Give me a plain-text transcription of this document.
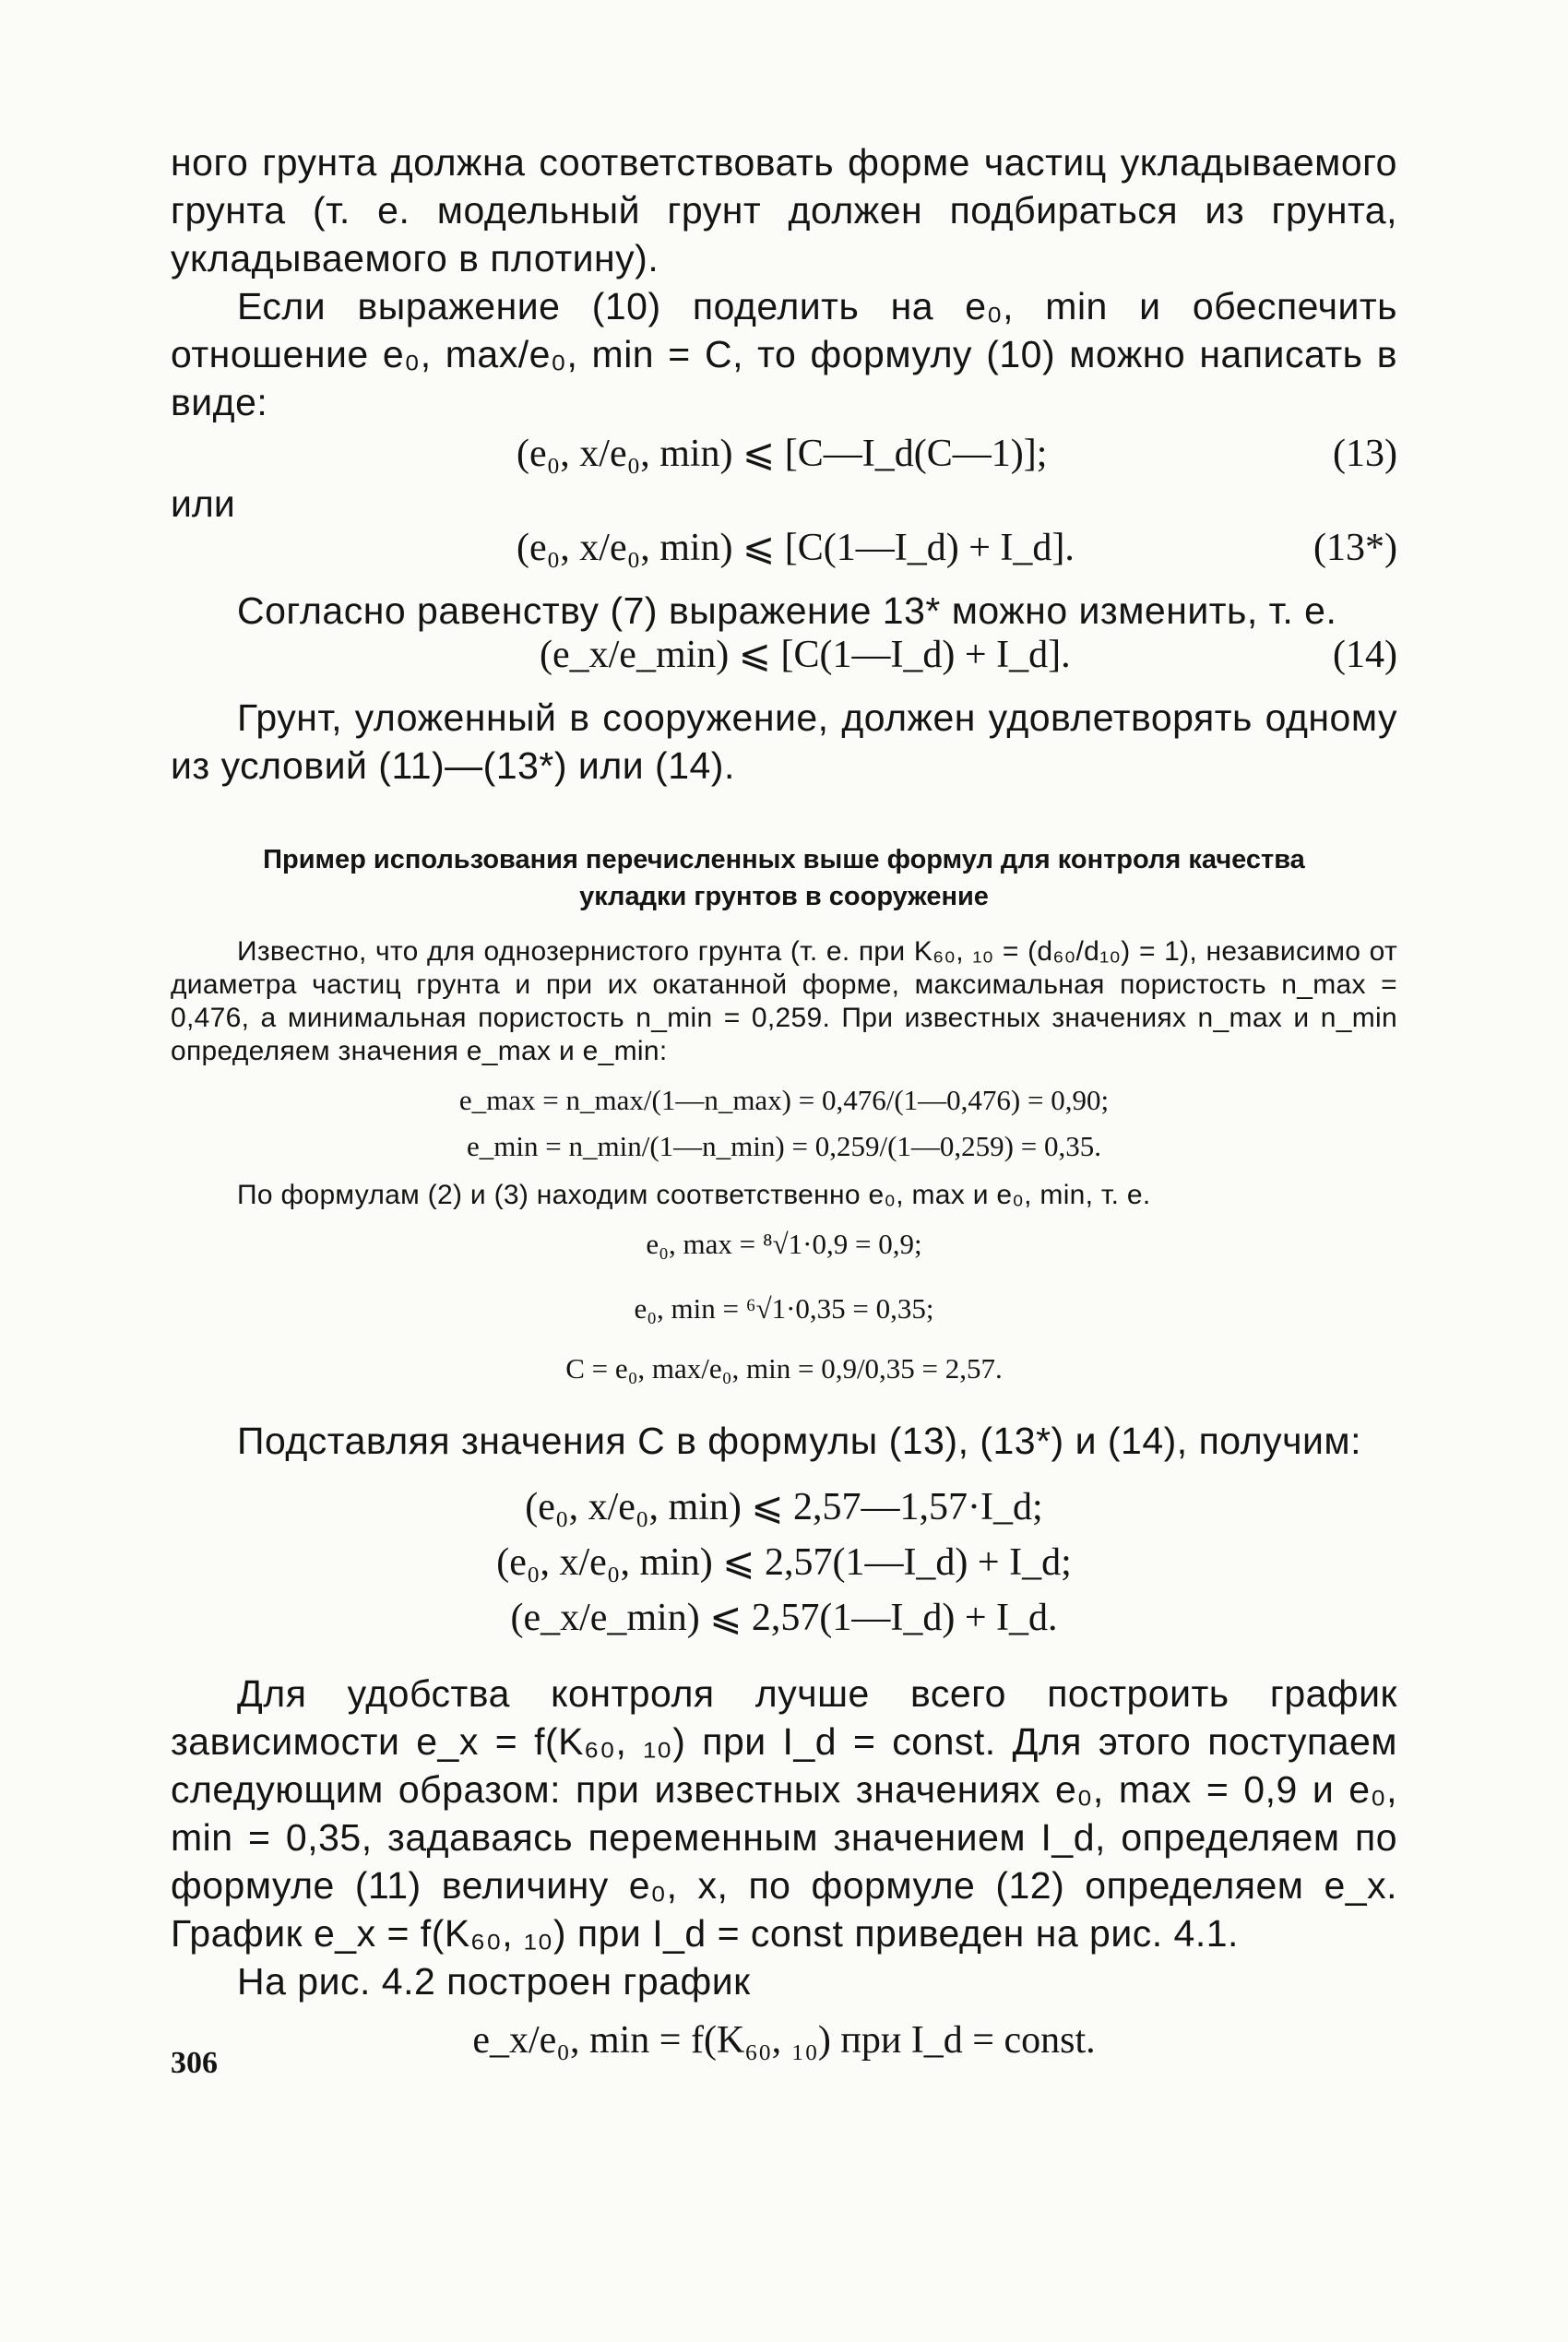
ного грунта должна соответствовать форме частиц укладываемого грунта (т. е. модельный грунт должен подбираться из грунта, укладываемого в плотину).

Если выражение (10) поделить на e₀, min и обеспечить отношение e₀, max/e₀, min = C, то формулу (10) можно написать в виде:

(e₀, x/e₀, min) ⩽ [C—I_d(C—1)];	(13)

или

(e₀, x/e₀, min) ⩽ [C(1—I_d) + I_d].	(13*)

Согласно равенству (7) выражение 13* можно изменить, т. е.

(e_x/e_min) ⩽ [C(1—I_d) + I_d].	(14)

Грунт, уложенный в сооружение, должен удовлетворять одному из условий (11)—(13*) или (14).

Пример использования перечисленных выше формул для контроля качества укладки грунтов в сооружение

Известно, что для однозернистого грунта (т. е. при K₆₀, ₁₀ = (d₆₀/d₁₀) = 1), независимо от диаметра частиц грунта и при их окатанной форме, максимальная пористость n_max = 0,476, а минимальная пористость n_min = 0,259. При известных значениях n_max и n_min определяем значения e_max и e_min:

e_max = n_max/(1—n_max) = 0,476/(1—0,476) = 0,90;
e_min = n_min/(1—n_min) = 0,259/(1—0,259) = 0,35.

По формулам (2) и (3) находим соответственно e₀, max и e₀, min, т. е.

e₀, max = ⁸√1·0,9 = 0,9;
e₀, min = ⁶√1·0,35 = 0,35;
C = e₀, max/e₀, min = 0,9/0,35 = 2,57.

Подставляя значения C в формулы (13), (13*) и (14), получим:

(e₀, x/e₀, min) ⩽ 2,57—1,57·I_d;
(e₀, x/e₀, min) ⩽ 2,57(1—I_d) + I_d;
(e_x/e_min) ⩽ 2,57(1—I_d) + I_d.

Для удобства контроля лучше всего построить график зависимости e_x = f(K₆₀, ₁₀) при I_d = const. Для этого поступаем следующим образом: при известных значениях e₀, max = 0,9 и e₀, min = 0,35, задаваясь переменным значением I_d, определяем по формуле (11) величину e₀, x, по формуле (12) определяем e_x. График e_x = f(K₆₀, ₁₀) при I_d = const приведен на рис. 4.1.

На рис. 4.2 построен график

e_x/e₀, min = f(K₆₀, ₁₀) при I_d = const.
306
